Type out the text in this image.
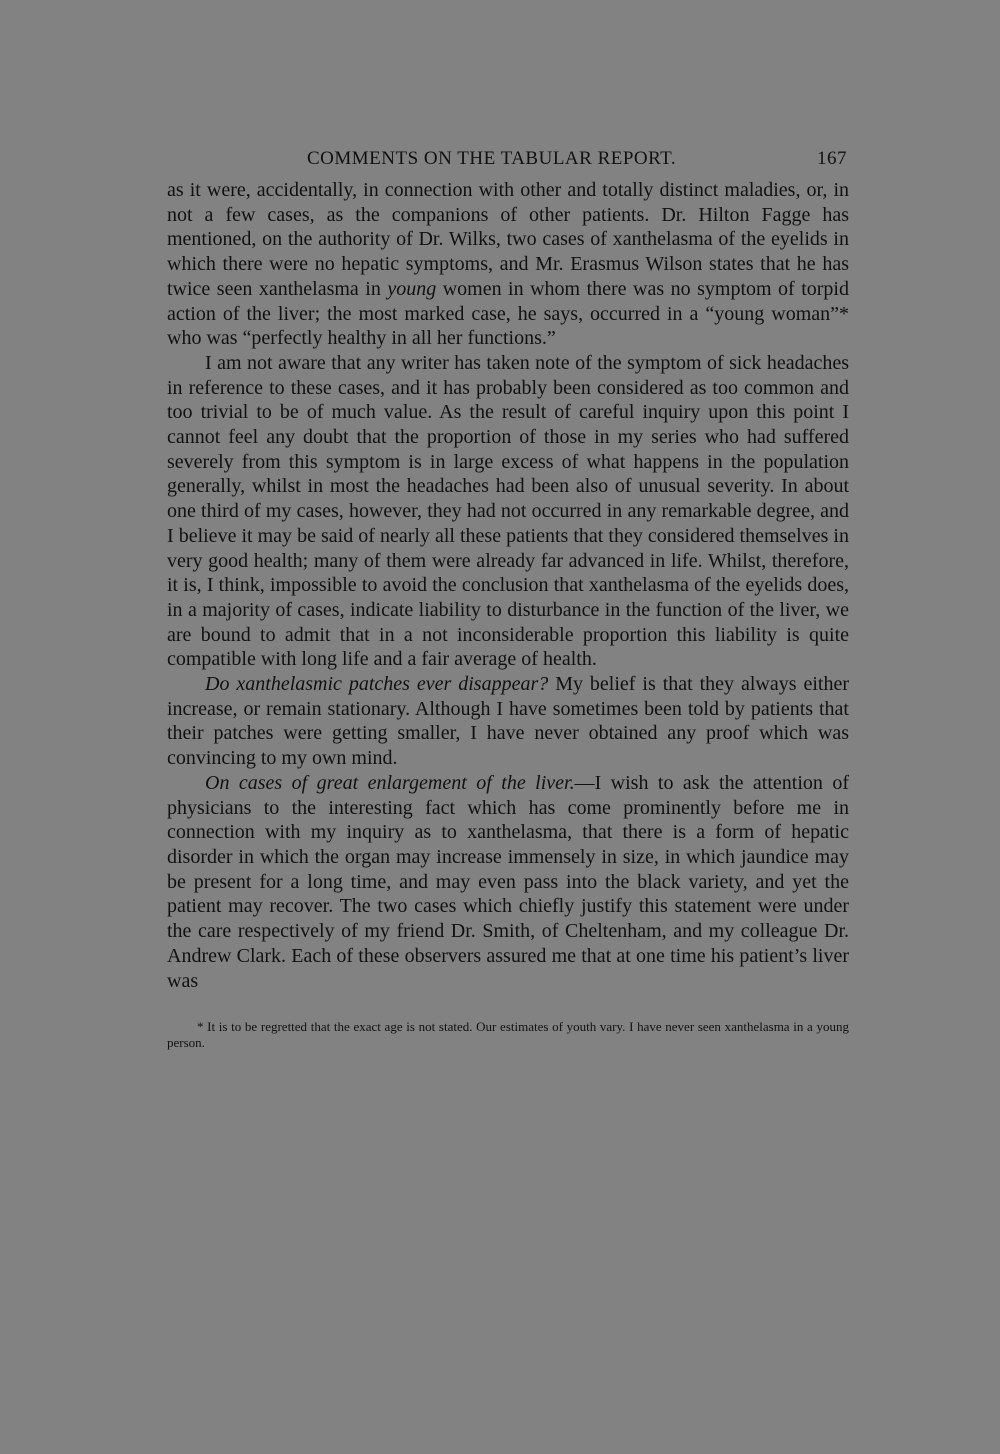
COMMENTS ON THE TABULAR REPORT.	167

as it were, accidentally, in connection with other and totally distinct maladies, or, in not a few cases, as the companions of other patients. Dr. Hilton Fagge has mentioned, on the authority of Dr. Wilks, two cases of xanthelasma of the eyelids in which there were no hepatic symptoms, and Mr. Erasmus Wilson states that he has twice seen xanthelasma in young women in whom there was no symptom of torpid action of the liver; the most marked case, he says, occurred in a “young woman”* who was “perfectly healthy in all her functions.”

I am not aware that any writer has taken note of the symptom of sick headaches in reference to these cases, and it has probably been considered as too common and too trivial to be of much value. As the result of careful inquiry upon this point I cannot feel any doubt that the proportion of those in my series who had suffered severely from this symptom is in large excess of what happens in the population generally, whilst in most the headaches had been also of unusual severity. In about one third of my cases, however, they had not occurred in any remarkable degree, and I believe it may be said of nearly all these patients that they considered themselves in very good health; many of them were already far advanced in life. Whilst, therefore, it is, I think, impossible to avoid the conclusion that xanthelasma of the eyelids does, in a majority of cases, indicate liability to disturbance in the function of the liver, we are bound to admit that in a not inconsiderable proportion this liability is quite compatible with long life and a fair average of health.

Do xanthelasmic patches ever disappear? My belief is that they always either increase, or remain stationary. Although I have sometimes been told by patients that their patches were getting smaller, I have never obtained any proof which was convincing to my own mind.

On cases of great enlargement of the liver.—I wish to ask the attention of physicians to the interesting fact which has come prominently before me in connection with my inquiry as to xanthelasma, that there is a form of hepatic disorder in which the organ may increase immensely in size, in which jaundice may be present for a long time, and may even pass into the black variety, and yet the patient may recover. The two cases which chiefly justify this statement were under the care respectively of my friend Dr. Smith, of Cheltenham, and my colleague Dr. Andrew Clark. Each of these observers assured me that at one time his patient’s liver was

* It is to be regretted that the exact age is not stated. Our estimates of youth vary. I have never seen xanthelasma in a young person.
